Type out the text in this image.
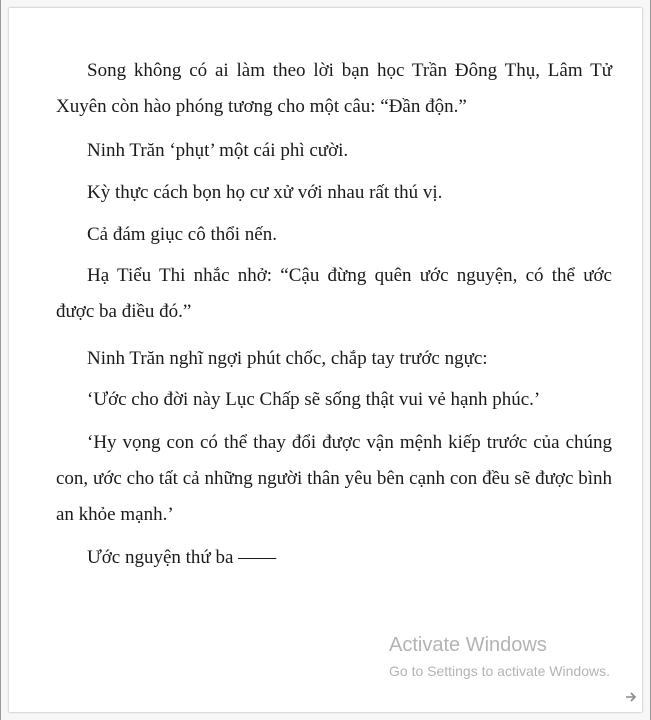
Song không có ai làm theo lời bạn học Trần Đông Thụ, Lâm Tử Xuyên còn hào phóng tương cho một câu: “Đần độn.”

Ninh Trăn ‘phụt’ một cái phì cười.

Kỳ thực cách bọn họ cư xử với nhau rất thú vị.

Cả đám giục cô thổi nến.

Hạ Tiểu Thi nhắc nhở: “Cậu đừng quên ước nguyện, có thể ước được ba điều đó.”

Ninh Trăn nghĩ ngợi phút chốc, chắp tay trước ngực:

‘Ước cho đời này Lục Chấp sẽ sống thật vui vẻ hạnh phúc.’

‘Hy vọng con có thể thay đổi được vận mệnh kiếp trước của chúng con, ước cho tất cả những người thân yêu bên cạnh con đều sẽ được bình an khỏe mạnh.’

Ước nguyện thứ ba ——

Activate Windows
Go to Settings to activate Windows.
